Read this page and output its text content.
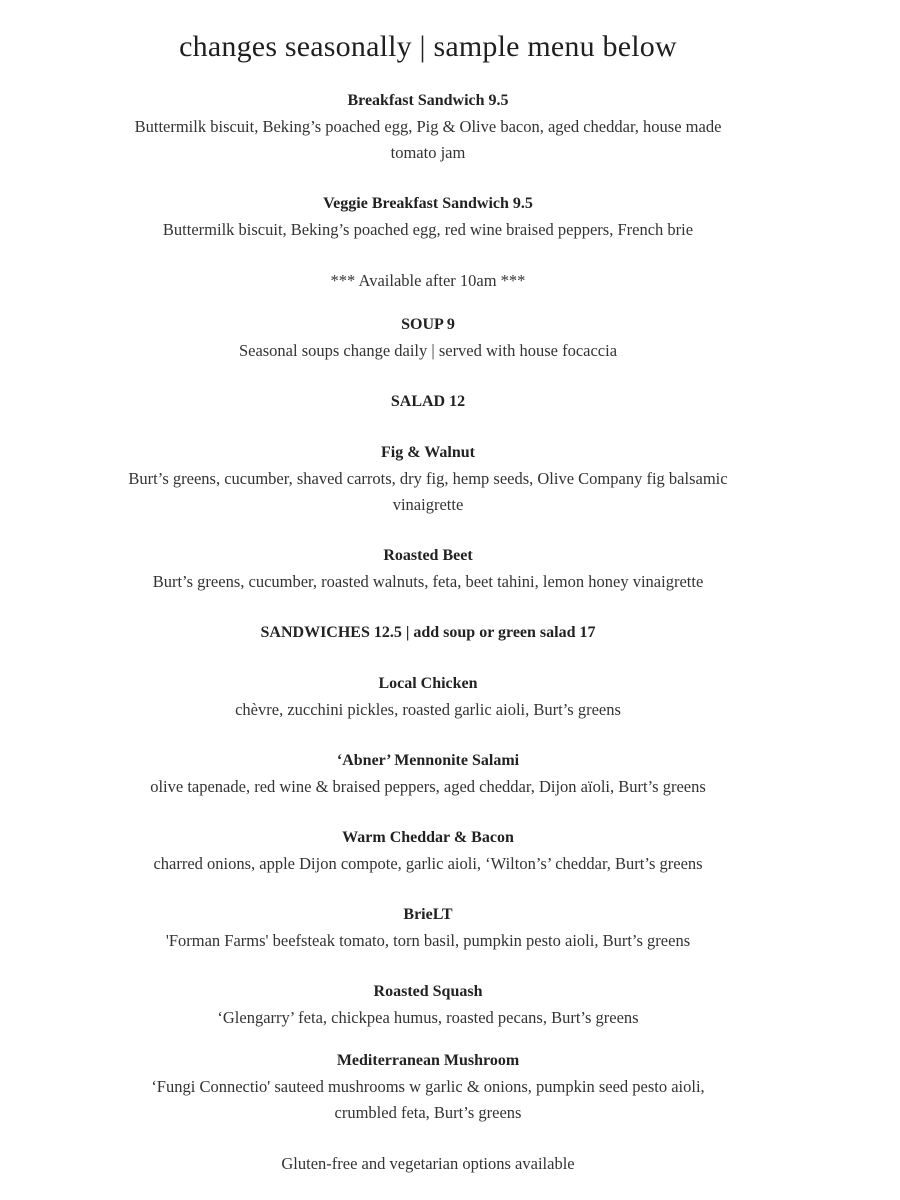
changes seasonally | sample menu below
Breakfast Sandwich 9.5
Buttermilk biscuit, Beking’s poached egg, Pig & Olive bacon, aged cheddar, house made
tomato jam
Veggie Breakfast Sandwich 9.5
Buttermilk biscuit, Beking’s poached egg, red wine braised peppers, French brie
*** Available after 10am ***
SOUP 9
Seasonal soups change daily | served with house focaccia
SALAD 12
Fig & Walnut
Burt’s greens, cucumber, shaved carrots, dry fig, hemp seeds, Olive Company fig balsamic
vinaigrette
Roasted Beet
Burt’s greens, cucumber, roasted walnuts, feta, beet tahini, lemon honey vinaigrette
SANDWICHES 12.5 | add soup or green salad 17
Local Chicken
chèvre, zucchini pickles, roasted garlic aioli, Burt’s greens
‘Abner’ Mennonite Salami
olive tapenade, red wine & braised peppers, aged cheddar, Dijon aïoli, Burt’s greens
Warm Cheddar & Bacon
charred onions, apple Dijon compote, garlic aioli, ‘Wilton’s’ cheddar, Burt’s greens
BrieLT
'Forman Farms' beefsteak tomato, torn basil, pumpkin pesto aioli, Burt’s greens
Roasted Squash
‘Glengarry’ feta, chickpea humus, roasted pecans, Burt’s greens
Mediterranean Mushroom
‘Fungi Connectio' sauteed mushrooms w garlic & onions, pumpkin seed pesto aioli,
crumbled feta, Burt’s greens
Gluten-free and vegetarian options available
